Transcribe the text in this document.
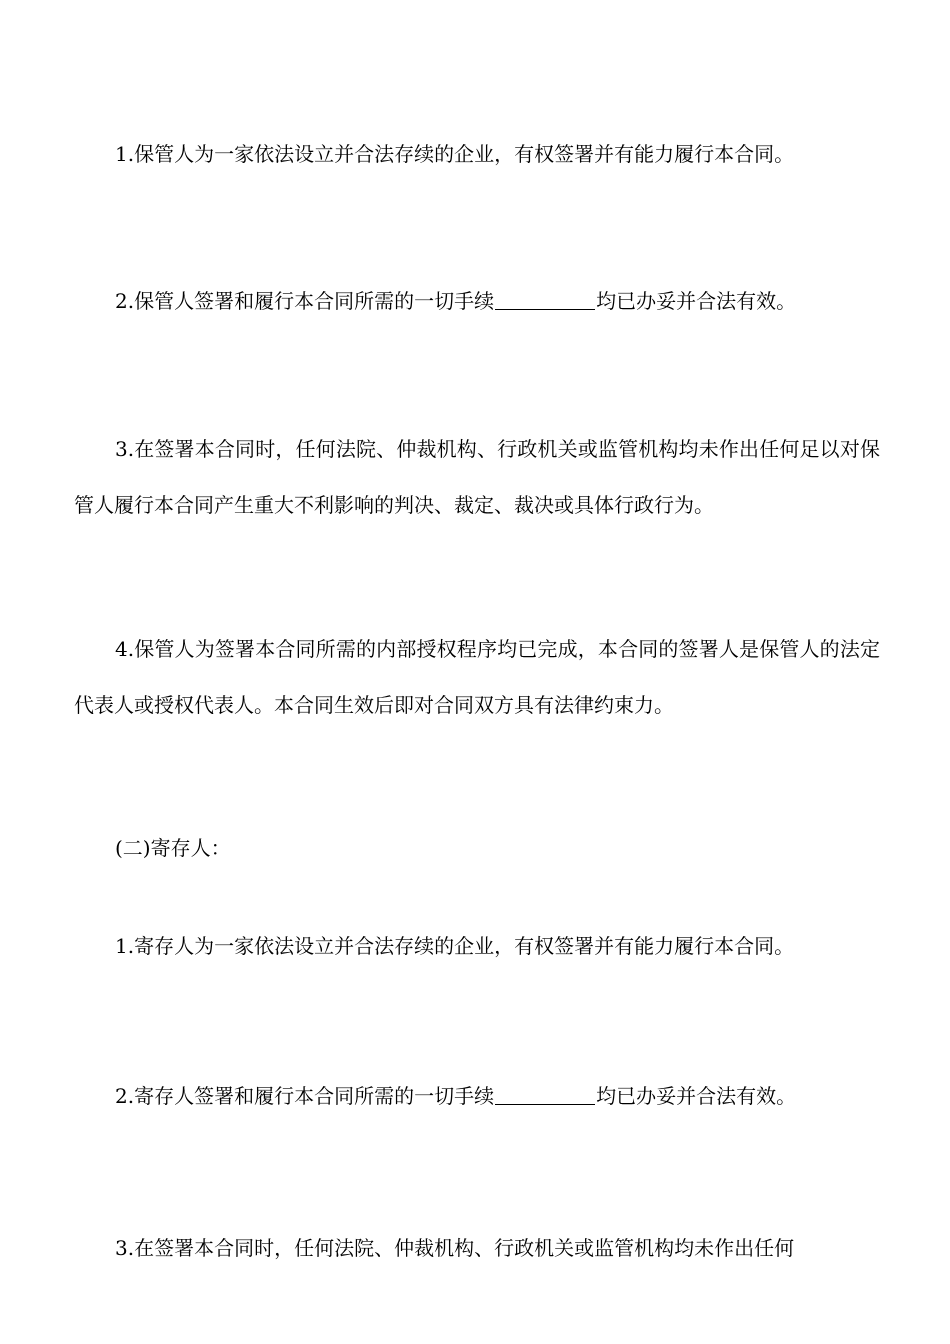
1.保管人为一家依法设立并合法存续的企业，有权签署并有能力履行本合同。

2.保管人签署和履行本合同所需的一切手续	均已办妥并合法有效。

3.在签署本合同时，任何法院、仲裁机构、行政机关或监管机构均未作出任何足以对保管人履行本合同产生重大不利影响的判决、裁定、裁决或具体行政行为。

4.保管人为签署本合同所需的内部授权程序均已完成，本合同的签署人是保管人的法定代表人或授权代表人。本合同生效后即对合同双方具有法律约束力。

(二)寄存人：

1.寄存人为一家依法设立并合法存续的企业，有权签署并有能力履行本合同。

2.寄存人签署和履行本合同所需的一切手续	均已办妥并合法有效。

3.在签署本合同时，任何法院、仲裁机构、行政机关或监管机构均未作出任何
